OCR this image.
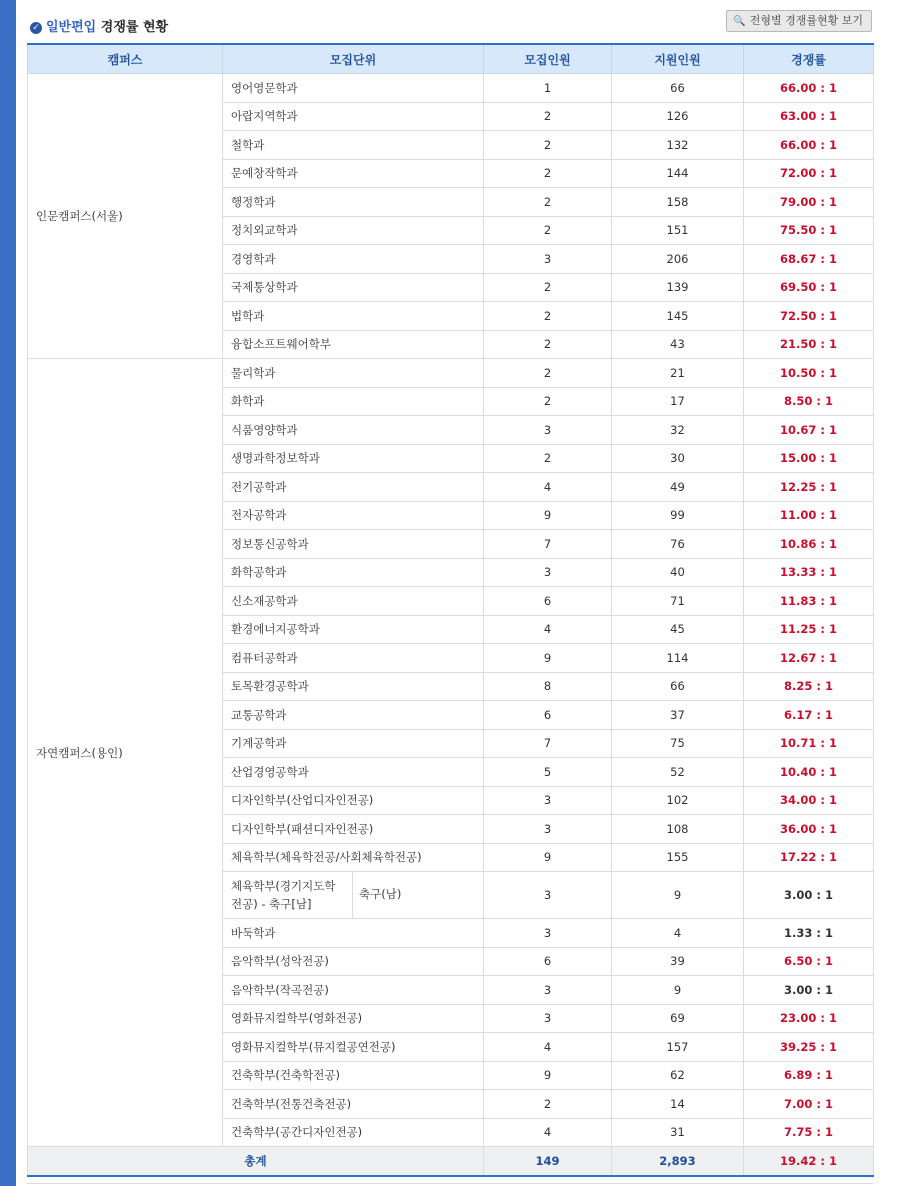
✓ 일반편입 경쟁률 현황	🔍 전형별 경쟁률현황 보기
캠퍼스	모집단위		모집인원	지원인원	경쟁률
인문캠퍼스(서울)	영어영문학과		1	66	66.00 : 1
	아랍지역학과		2	126	63.00 : 1
	철학과		2	132	66.00 : 1
	문예창작학과		2	144	72.00 : 1
	행정학과		2	158	79.00 : 1
	정치외교학과		2	151	75.50 : 1
	경영학과		3	206	68.67 : 1
	국제통상학과		2	139	69.50 : 1
	법학과		2	145	72.50 : 1
	융합소프트웨어학부		2	43	21.50 : 1
자연캠퍼스(용인)	물리학과		2	21	10.50 : 1
	화학과		2	17	8.50 : 1
	식품영양학과		3	32	10.67 : 1
	생명과학정보학과		2	30	15.00 : 1
	전기공학과		4	49	12.25 : 1
	전자공학과		9	99	11.00 : 1
	정보통신공학과		7	76	10.86 : 1
	화학공학과		3	40	13.33 : 1
	신소재공학과		6	71	11.83 : 1
	환경에너지공학과		4	45	11.25 : 1
	컴퓨터공학과		9	114	12.67 : 1
	토목환경공학과		8	66	8.25 : 1
	교통공학과		6	37	6.17 : 1
	기계공학과		7	75	10.71 : 1
	산업경영공학과		5	52	10.40 : 1
	디자인학부(산업디자인전공)		3	102	34.00 : 1
	디자인학부(패션디자인전공)		3	108	36.00 : 1
	체육학부(체육학전공/사회체육학전공)		9	155	17.22 : 1
	체육학부(경기지도학전공) - 축구[남]	축구(남)	3	9	3.00 : 1
	바둑학과		3	4	1.33 : 1
	음악학부(성악전공)		6	39	6.50 : 1
	음악학부(작곡전공)		3	9	3.00 : 1
	영화뮤지컬학부(영화전공)		3	69	23.00 : 1
	영화뮤지컬학부(뮤지컬공연전공)		4	157	39.25 : 1
	건축학부(건축학전공)		9	62	6.89 : 1
	건축학부(전통건축전공)		2	14	7.00 : 1
	건축학부(공간디자인전공)		4	31	7.75 : 1
총계			149	2,893	19.42 : 1
